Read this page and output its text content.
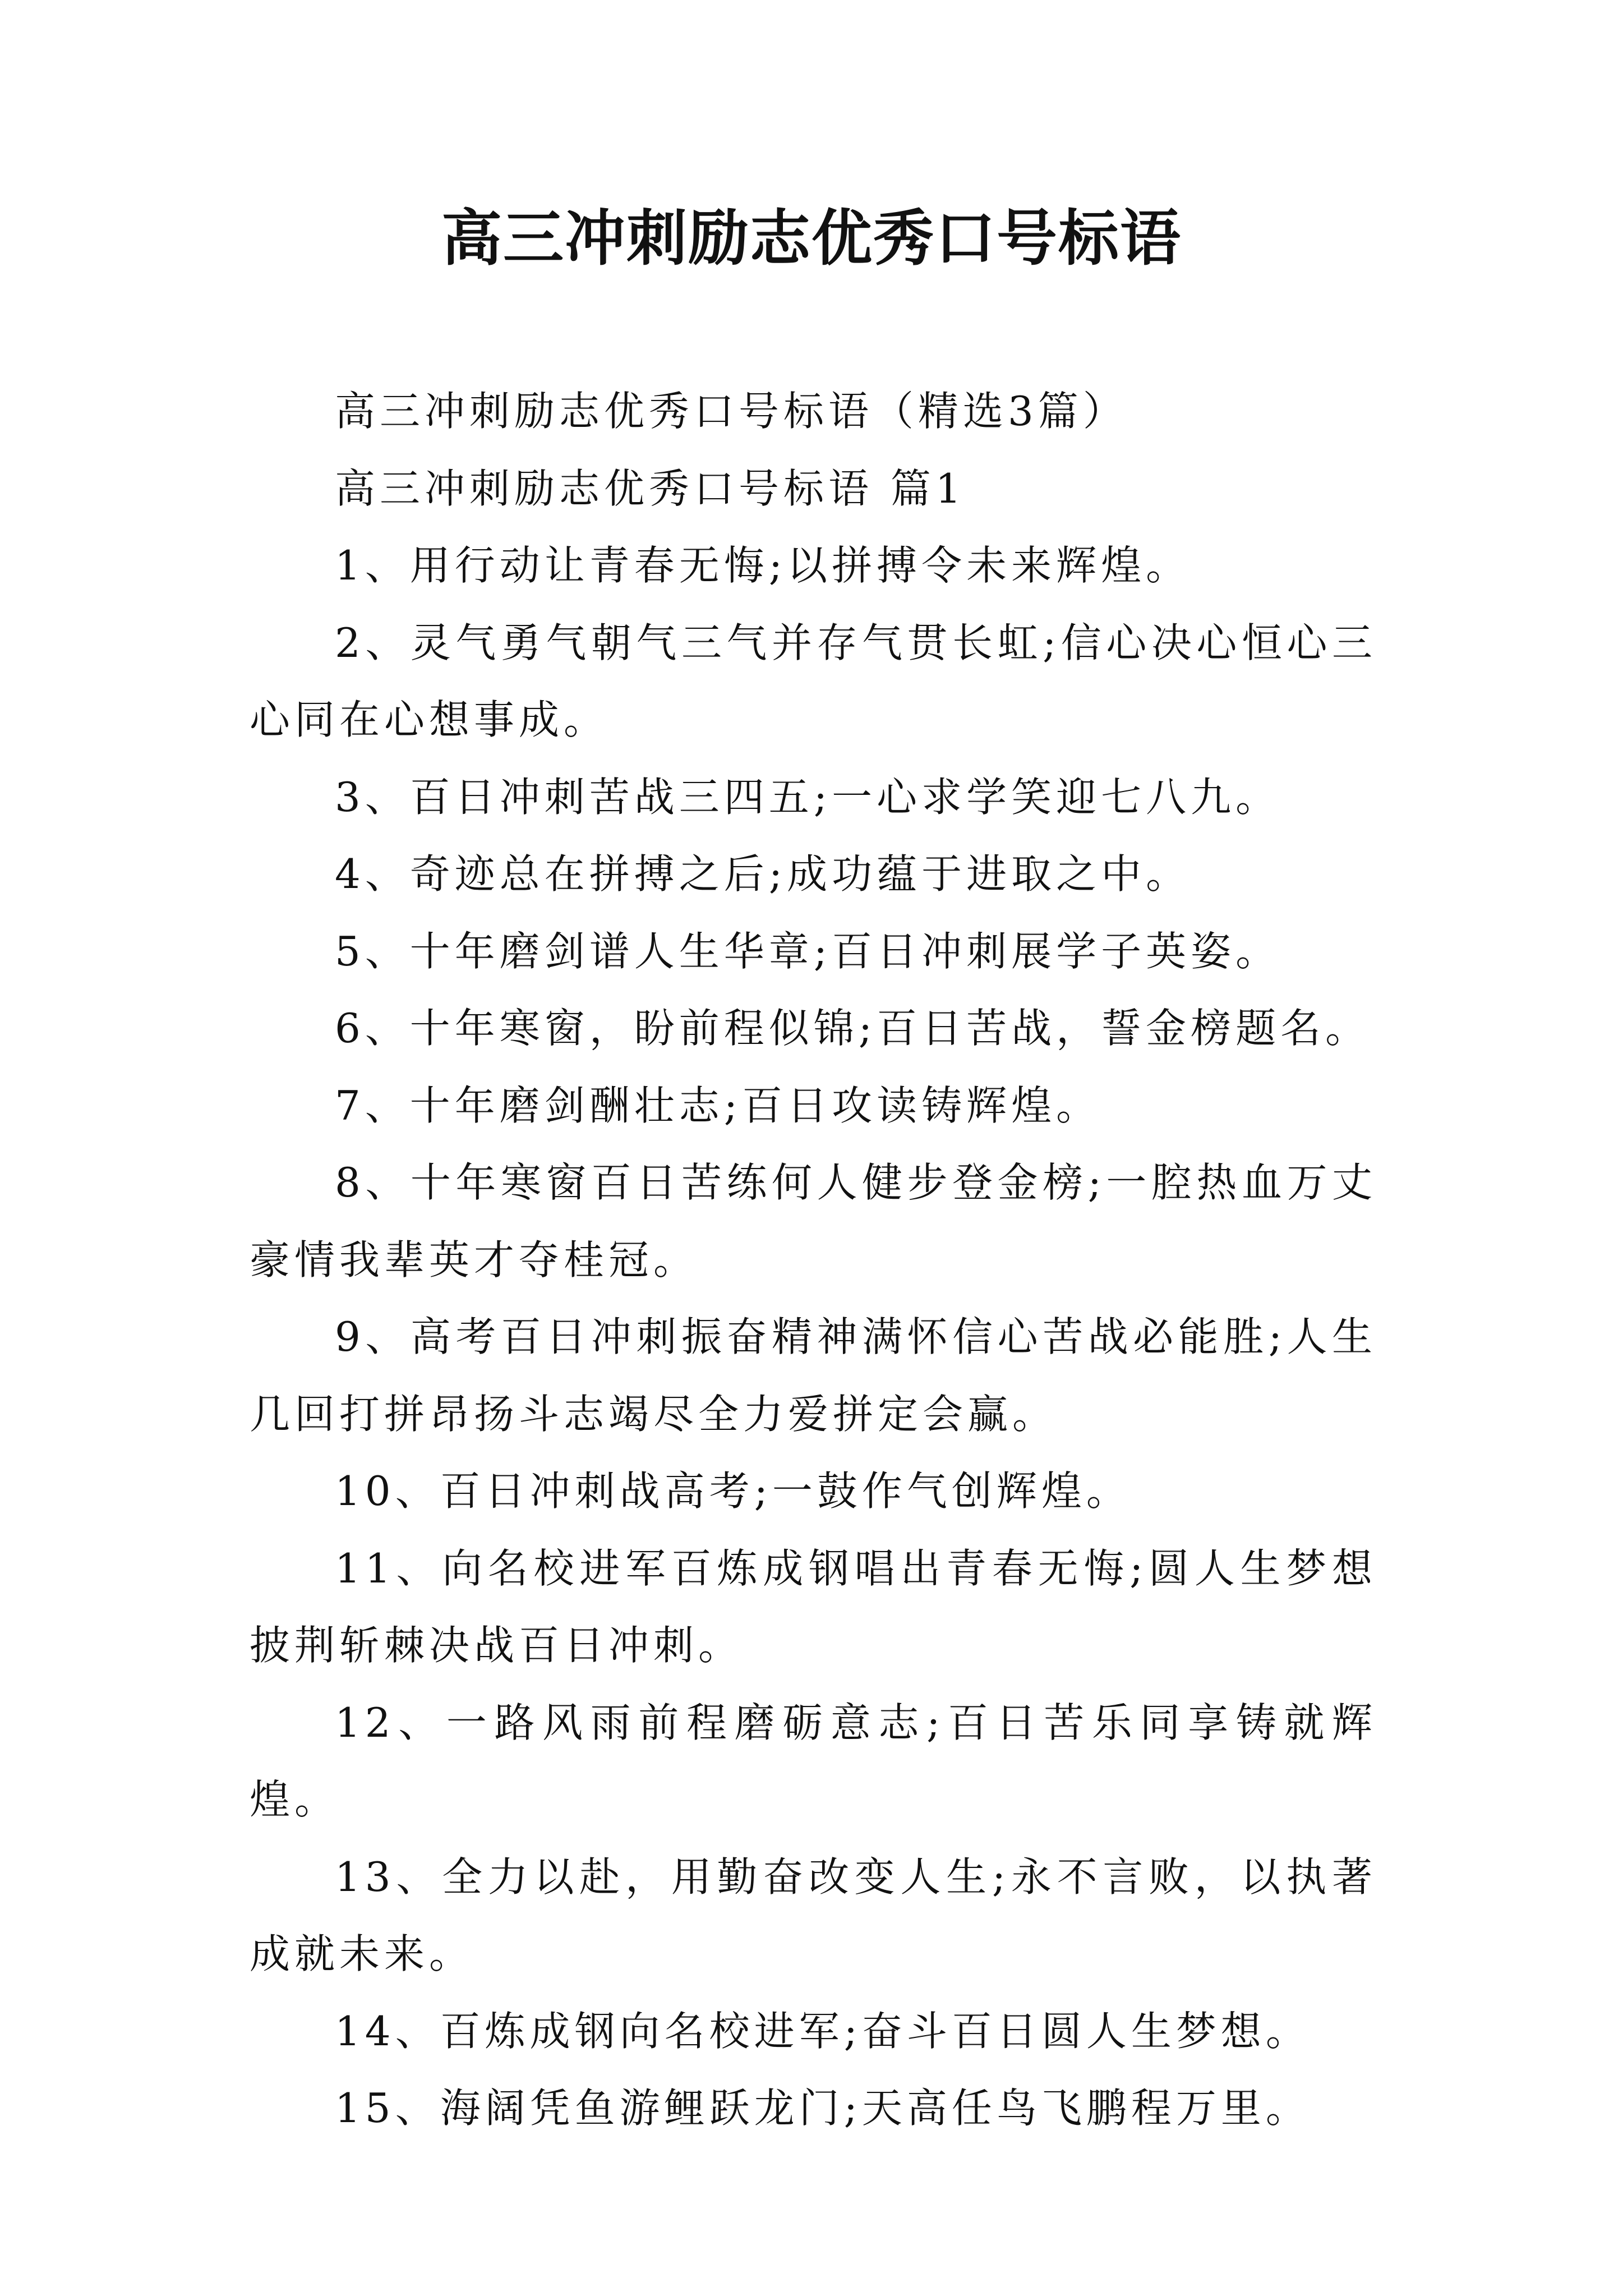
高三冲刺励志优秀口号标语

高三冲刺励志优秀口号标语（精选3篇）

高三冲刺励志优秀口号标语 篇1

1、用行动让青春无悔;以拼搏令未来辉煌。

2、灵气勇气朝气三气并存气贯长虹;信心决心恒心三心同在心想事成。

3、百日冲刺苦战三四五;一心求学笑迎七八九。

4、奇迹总在拼搏之后;成功蕴于进取之中。

5、十年磨剑谱人生华章;百日冲刺展学子英姿。

6、十年寒窗，盼前程似锦;百日苦战，誓金榜题名。

7、十年磨剑酬壮志;百日攻读铸辉煌。

8、十年寒窗百日苦练何人健步登金榜;一腔热血万丈豪情我辈英才夺桂冠。

9、高考百日冲刺振奋精神满怀信心苦战必能胜;人生几回打拼昂扬斗志竭尽全力爱拼定会赢。

10、百日冲刺战高考;一鼓作气创辉煌。

11、向名校进军百炼成钢唱出青春无悔;圆人生梦想披荆斩棘决战百日冲刺。

12、一路风雨前程磨砺意志;百日苦乐同享铸就辉煌。

13、全力以赴，用勤奋改变人生;永不言败，以执著成就未来。

14、百炼成钢向名校进军;奋斗百日圆人生梦想。

15、海阔凭鱼游鲤跃龙门;天高任鸟飞鹏程万里。
